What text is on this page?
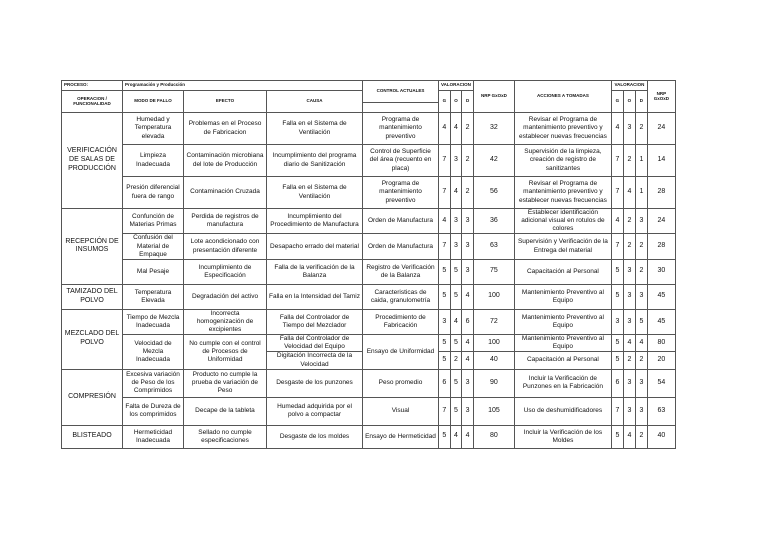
PROCESO:	Programación y Producción			CONTROL ACTUALES	VALORACION			NRP GxOxD	ACCIONES A TOMADAS	VALORACION			NRP GxOxD
OPERACION / FUNCIONALIDAD	MODO DE FALLO	EFECTO	CAUSA		G	O	D			G	O	D	

VERIFICACIÓN DE SALAS DE PRODUCCIÓN	Humedad y Temperatura elevada	Problemas en el Proceso de Fabricacion	Falla en el Sistema de Ventilación	Programa de mantenimiento preventivo	4	4	2	32	Revisar el Programa de mantenimiento preventivo y establecer nuevas frecuencias	4	3	2	24
	Limpieza Inadecuada	Contaminación microbiana del lote de Producción	Incumplimiento del programa diario de Sanitización	Control de Superficie del área (recuento en placa)	7	3	2	42	Supervisión de la limpieza, creación de registro de sanitizantes	7	2	1	14
	Presión diferencial fuera de rango	Contaminación Cruzada	Falla en el Sistema de Ventilación	Programa de mantenimiento preventivo	7	4	2	56	Revisar el Programa de mantenimiento preventivo y establecer nuevas frecuencias	7	4	1	28
RECEPCIÓN DE INSUMOS	Confunción de Materias Primas	Perdida de registros de manufactura	Incumplimiento del Procedimiento de Manufactura	Orden de Manufactura	4	3	3	36	Establecer identificación adicional visual en rotulos de colores	4	2	3	24
	Confusión del Material de Empaque	Lote acondicionado con presentación diferente	Desapacho errado del material	Orden de Manufactura	7	3	3	63	Supervisión y Verificación de la Entrega del material	7	2	2	28
	Mal Pesaje	Incumplimiento de Especificación	Falla de la verificación de la Balanza	Registro de Verificación de la Balanza	5	5	3	75	Capacitación al Personal	5	3	2	30
TAMIZADO DEL POLVO	Temperatura Elevada	Degradación del activo	Falla en la Intensidad del Tamiz	Caracteristicas de caida, granulometría	5	5	4	100	Mantenimiento Preventivo al Equipo	5	3	3	45
MEZCLADO DEL POLVO	Tiempo de Mezcla Inadecuada	Incorrecta homogenización de excipientes	Falla del Controlador de Tiempo del Mezclador	Procedimiento de Fabricación	3	4	6	72	Mantenimiento Preventivo al Equipo	3	3	5	45
	Velocidad de Mezcla Inadecuada	No cumple con el control de Procesos de Uniformidad	Falla del Controlador de Velocidad del Equipo	Ensayo de Uniformidad	5	5	4	100	Mantenimiento Preventivo al Equipo	5	4	4	80
			Digitación Incorrecta de la Velocidad		5	2	4	40	Capacitación al Personal	5	2	2	20
COMPRESIÓN	Excesiva variación de Peso de los Comprimidos	Producto no cumple la prueba de variación de Peso	Desgaste de los punzones	Peso promedio	6	5	3	90	Incluir la Verificación de Punzones en la Fabricación	6	3	3	54
	Falta de Dureza de los comprimidos	Decape de la tableta	Humedad adquirida por el polvo a compactar	Visual	7	5	3	105	Uso de deshumidificadores	7	3	3	63
BLISTEADO	Hermeticidad Inadecuada	Sellado no cumple especificaciones	Desgaste de los moldes	Ensayo de Hermeticidad	5	4	4	80	Incluir la Verificación de los Moldes	5	4	2	40
